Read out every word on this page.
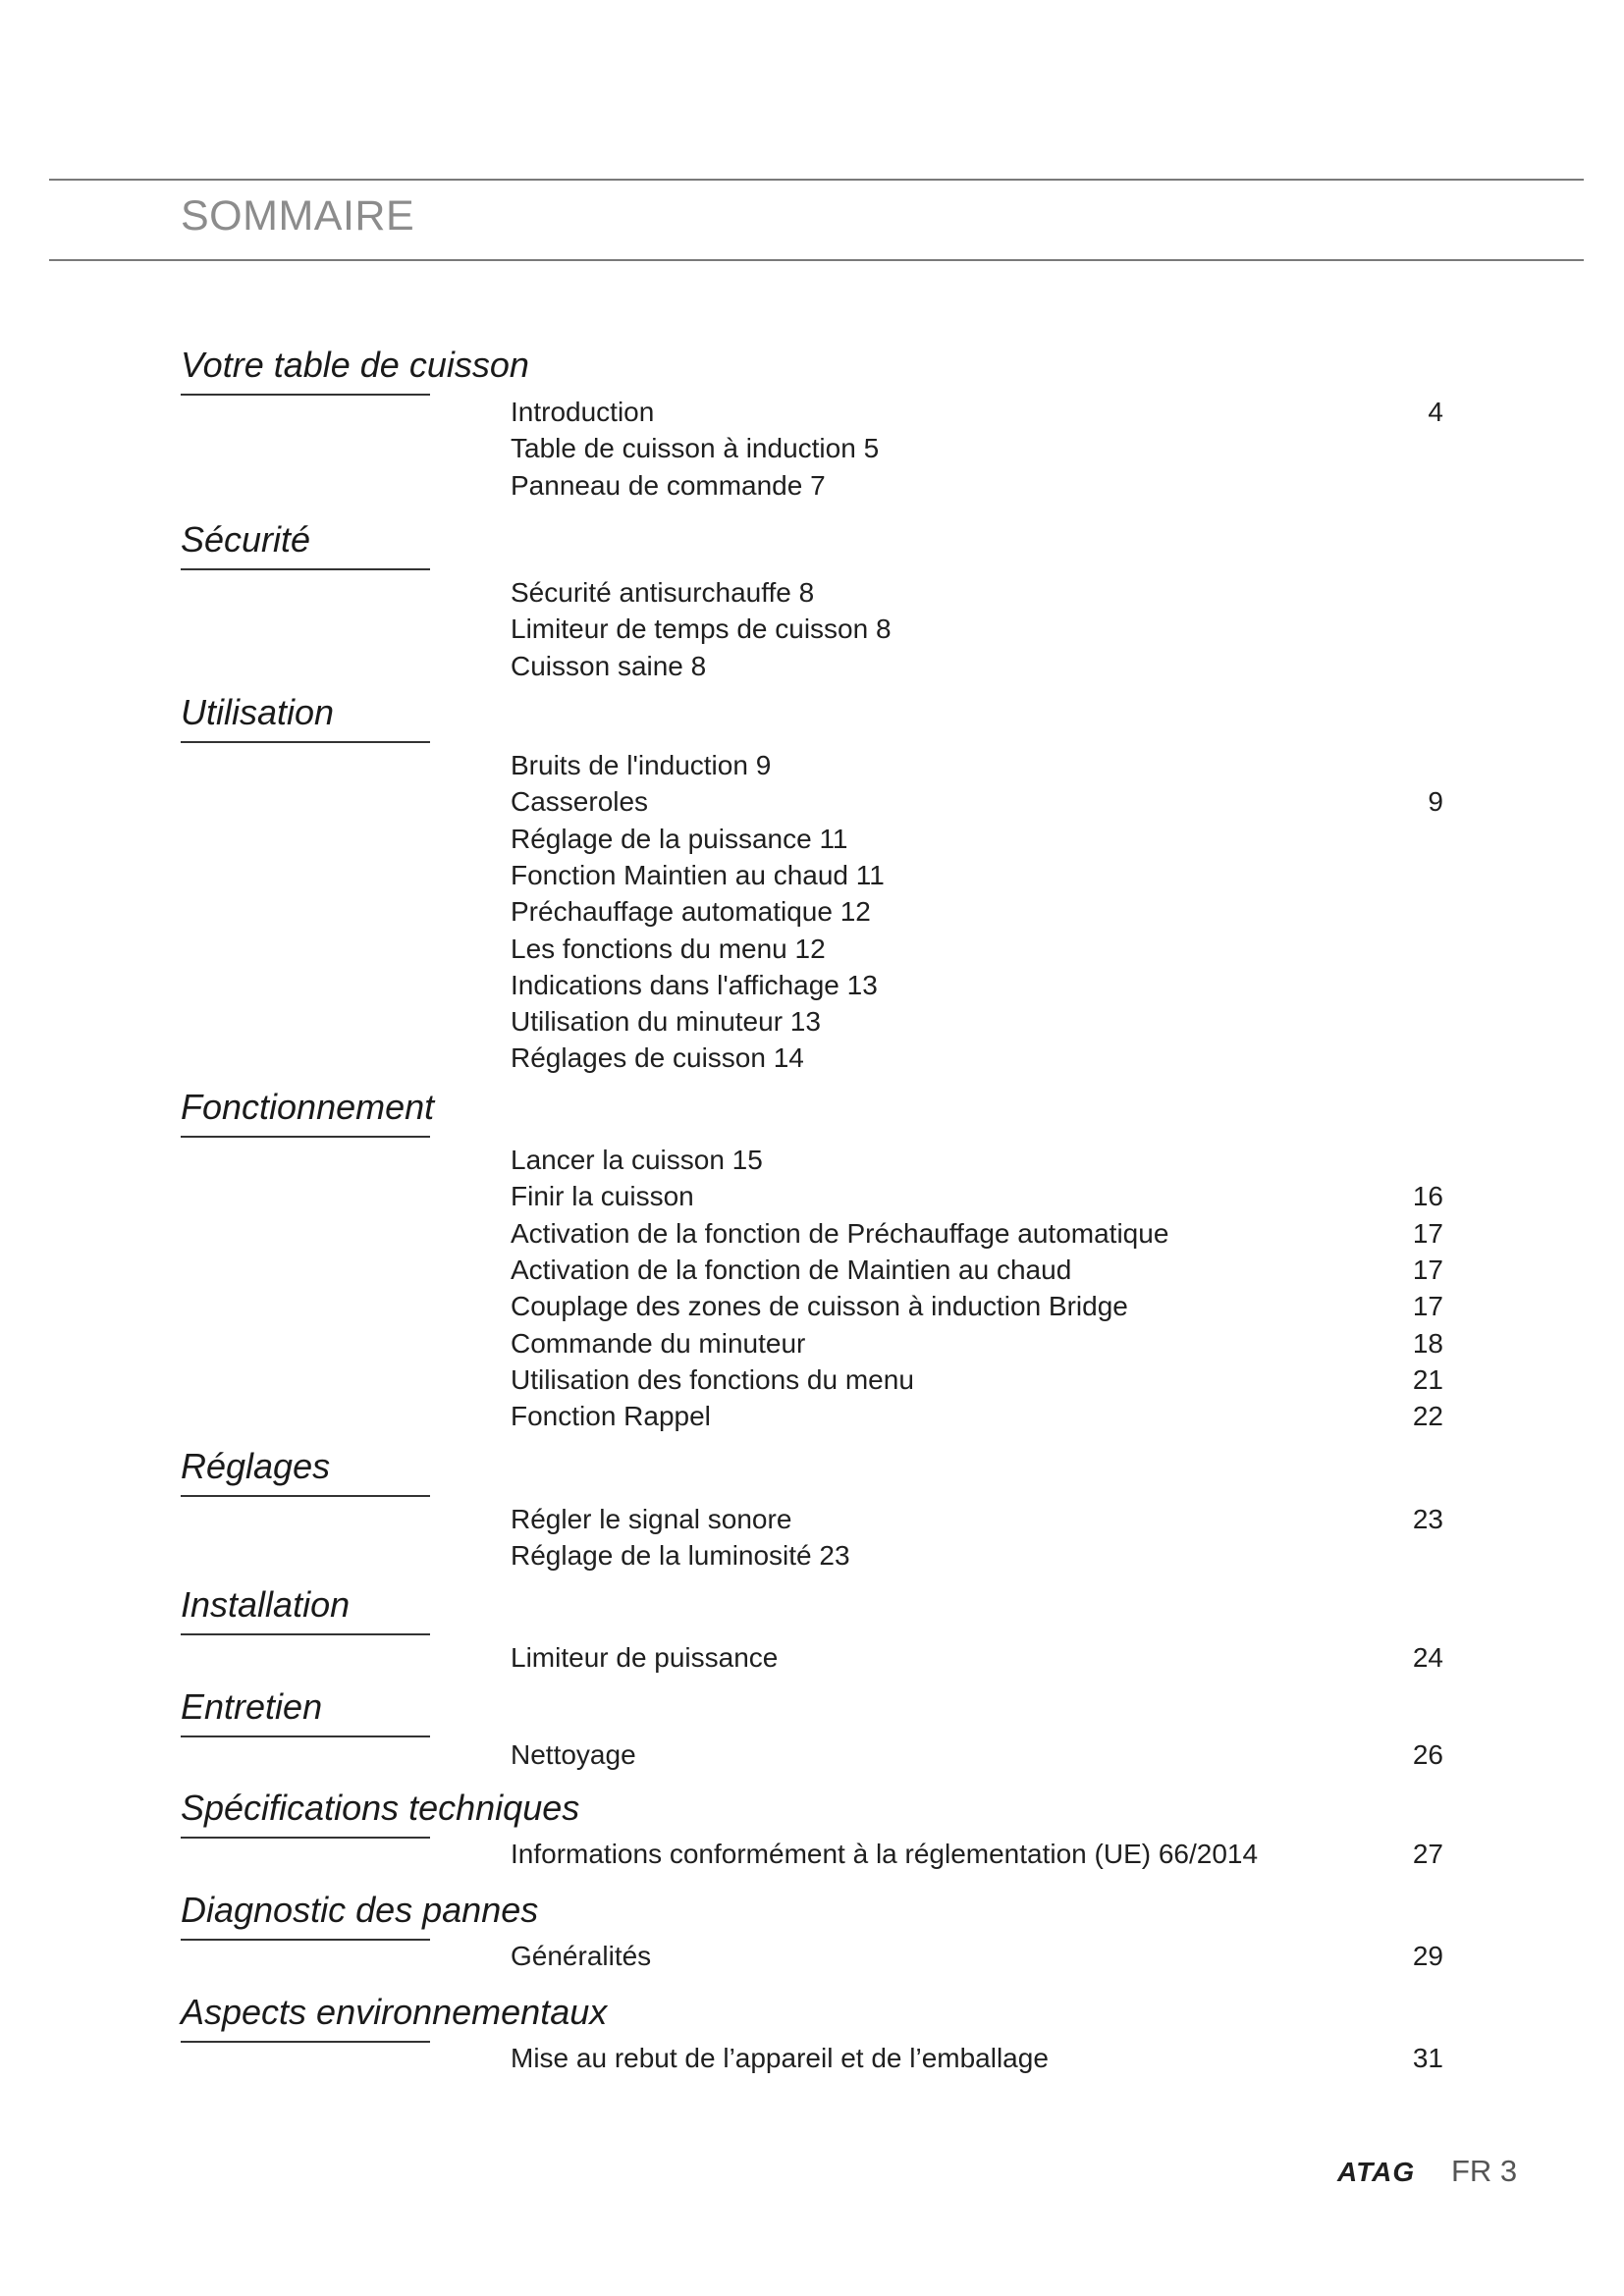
SOMMAIRE
Votre table de cuisson
Introduction	4
Table de cuisson à induction 5
Panneau de commande 7
Sécurité
Sécurité antisurchauffe 8
Limiteur de temps de cuisson 8
Cuisson saine 8
Utilisation
Bruits de l'induction 9
Casseroles	9
Réglage de la puissance 11
Fonction Maintien au chaud 11
Préchauffage automatique 12
Les fonctions du menu 12
Indications dans l'affichage 13
Utilisation du minuteur 13
Réglages de cuisson 14
Fonctionnement
Lancer la cuisson 15
Finir la cuisson	16
Activation de la fonction de Préchauffage automatique	17
Activation de la fonction de Maintien au chaud	17
Couplage des zones de cuisson à induction Bridge	17
Commande du minuteur	18
Utilisation des fonctions du menu	21
Fonction Rappel	22
Réglages
Régler le signal sonore	23
Réglage de la luminosité 23
Installation
Limiteur de puissance	24
Entretien
Nettoyage	26
Spécifications techniques
Informations conformément à la réglementation (UE) 66/2014	27
Diagnostic des pannes
Généralités	29
Aspects environnementaux
Mise au rebut de l’appareil et de l’emballage	31
ATAG FR 3
